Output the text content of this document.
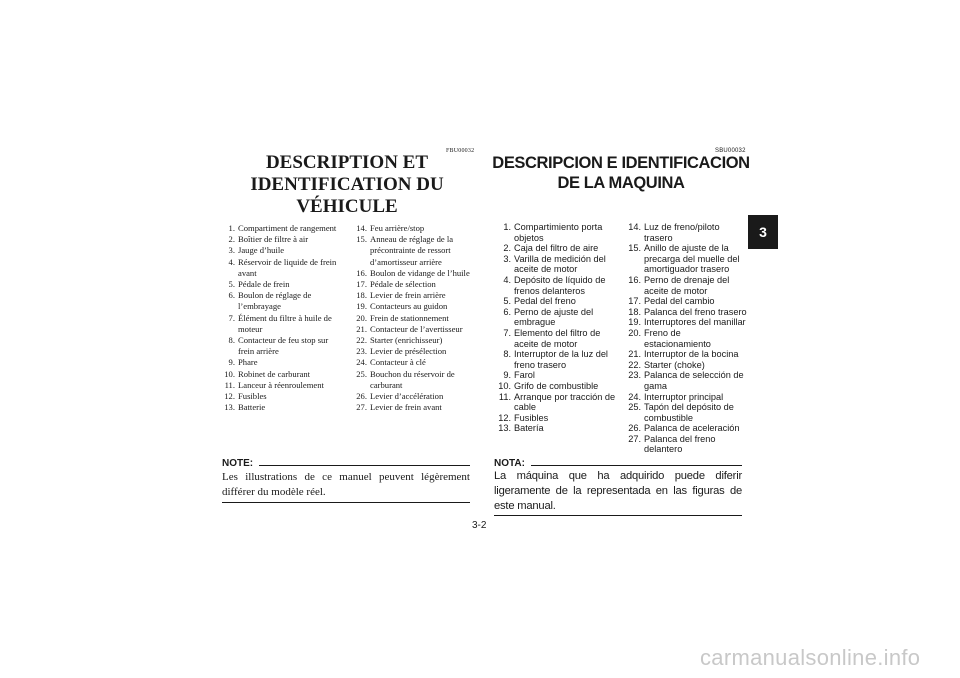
FBU00032
DESCRIPTION ET
IDENTIFICATION DU VÉHICULE
1. Compartiment de rangement
2. Boîtier de filtre à air
3. Jauge d’huile
4. Réservoir de liquide de frein avant
5. Pédale de frein
6. Boulon de réglage de l’embrayage
7. Élément du filtre à huile de moteur
8. Contacteur de feu stop sur frein arrière
9. Phare
10. Robinet de carburant
11. Lanceur à réenroulement
12. Fusibles
13. Batterie
14. Feu arrière/stop
15. Anneau de réglage de la précontrainte de ressort d’amortisseur arrière
16. Boulon de vidange de l’huile
17. Pédale de sélection
18. Levier de frein arrière
19. Contacteurs au guidon
20. Frein de stationnement
21. Contacteur de l’avertisseur
22. Starter (enrichisseur)
23. Levier de présélection
24. Contacteur à clé
25. Bouchon du réservoir de carburant
26. Levier d’accélération
27. Levier de frein avant
NOTE:
Les illustrations de ce manuel peuvent légèrement différer du modèle réel.
SBU00032
DESCRIPCION E IDENTIFICACION
DE LA MAQUINA
1. Compartimiento porta objetos
2. Caja del filtro de aire
3. Varilla de medición del aceite de motor
4. Depósito de líquido de frenos delanteros
5. Pedal del freno
6. Perno de ajuste del embrague
7. Elemento del filtro de aceite de motor
8. Interruptor de la luz del freno trasero
9. Farol
10. Grifo de combustible
11. Arranque por tracción de cable
12. Fusibles
13. Batería
14. Luz de freno/piloto trasero
15. Anillo de ajuste de la precarga del muelle del amortiguador trasero
16. Perno de drenaje del aceite de motor
17. Pedal del cambio
18. Palanca del freno trasero
19. Interruptores del manillar
20. Freno de estacionamiento
21. Interruptor de la bocina
22. Starter (choke)
23. Palanca de selección de gama
24. Interruptor principal
25. Tapón del depósito de combustible
26. Palanca de aceleración
27. Palanca del freno delantero
NOTA:
La máquina que ha adquirido puede diferir ligeramente de la representada en las figuras de este manual.
3
3-2
carmanualsonline.info
